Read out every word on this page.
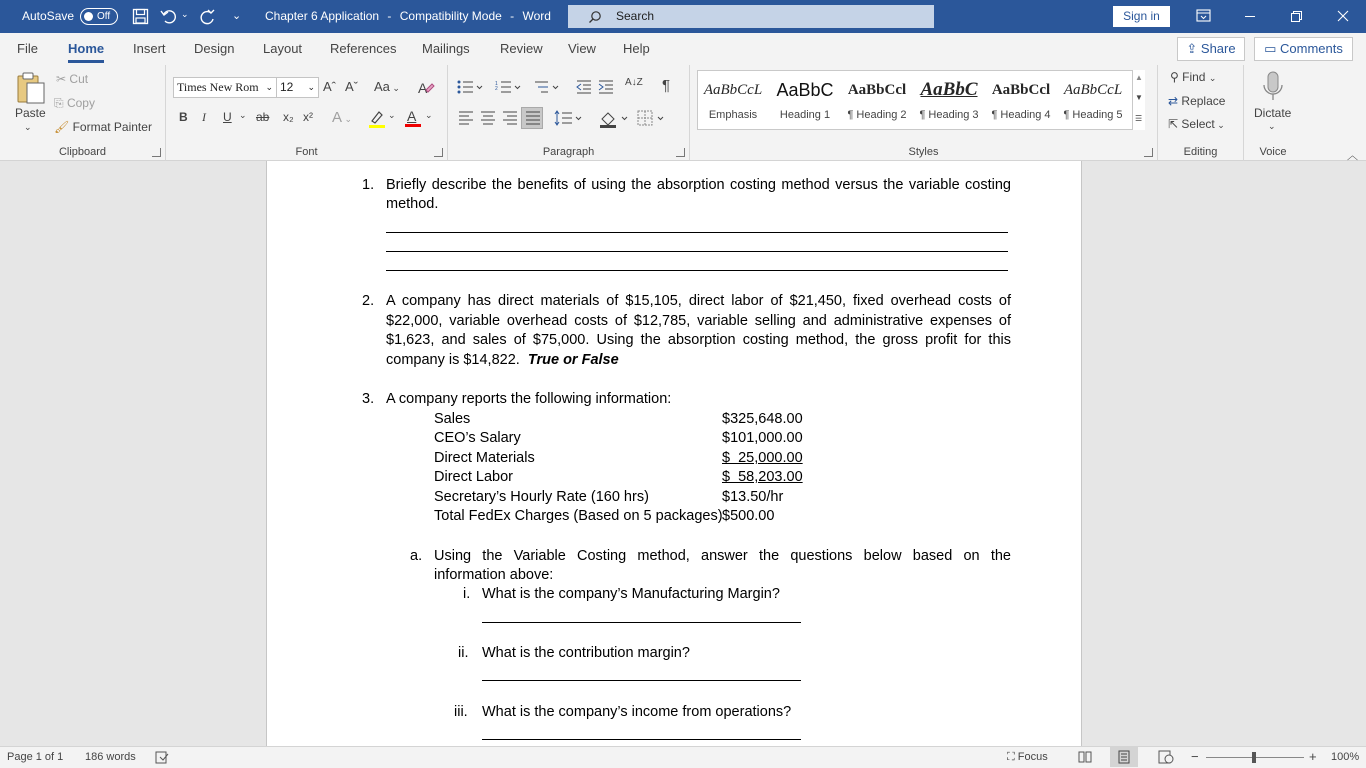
AutoSave Off	⌄	⌄ Chapter 6 Application - Compatibility Mode - Word	Search	Sign in
File Home Insert Design Layout References Mailings Review View Help	⇪ Share	▭ Comments
Paste
⌄
✂ Cut
⎘ Copy
🖌 Format Painter
Clipboard
Times New Rom ⌄ 12 ⌄ Aˆ Aˇ Aa ⌄ A
B I U ⌄ ab x₂ x² A ⌄	⌄ A ⌄
Font
1
2
A↓Z ¶
Paragraph	Styles
AaBbCcL
Emphasis
AaBbC
Heading 1
AaBbCcl
¶ Heading 2
AaBbC
¶ Heading 3
AaBbCcl
¶ Heading 4
AaBbCcL
¶ Heading 5
▲
▼
☰
⚲ Find ⌄
⇄ Replace
⇱ Select ⌄
Editing
Dictate
⌄
Voice	︿
1. Briefly describe the benefits of using the absorption costing method versus the variable costing
method.
2. A company has direct materials of $15,105, direct labor of $21,450, fixed overhead costs of
$22,000, variable overhead costs of $12,785, variable selling and administrative expenses of
$1,623, and sales of $75,000. Using the absorption costing method, the gross profit for this
company is $14,822. True or False
3. A company reports the following information:
Sales	$325,648.00
CEO’s Salary	$101,000.00
Direct Materials	$  25,000.00
Direct Labor	$  58,203.00
Secretary’s Hourly Rate (160 hrs)	$13.50/hr
Total FedEx Charges (Based on 5 packages) $500.00
a. Using the Variable Costing method, answer the questions below based on the
information above:
i. What is the company’s Manufacturing Margin?
ii. What is the contribution margin?
iii. What is the company’s income from operations?
Page 1 of 1 186 words	⛶ Focus	−	+ 100%
